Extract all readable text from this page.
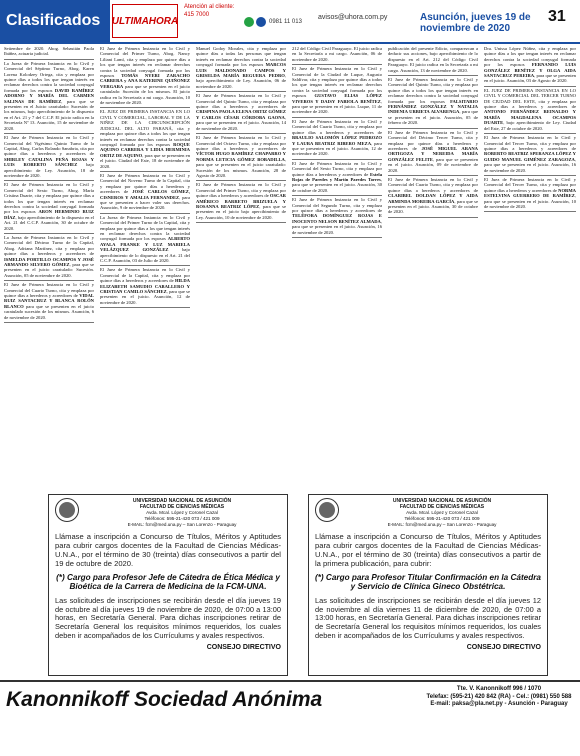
Clasificados	ULTIMAHORA
Atención al cliente: 415 7000
0981 11 013
avisos@uhora.com.py	Asunción, jueves 19 de noviembre de 2020
31
Setiembre de 2020. Abog. Sebastián Paola Ibáñez, actuaria judicial.
La Jueza de Primera Instancia en lo Civil y Comercial del Séptimo Turno, Abog. Karen Lorena Kolodzey Ortega, cita y emplaza por quince días a todos los que tengan interés en reclamar derechos contra la sociedad conyugal formada por los esposos DAVID RAMÍREZ ADORNO Y MARÍA DEL CARMEN SALINAS DE RAMÍREZ, para que se presenten en el Juicio caratulado: Sucesión de los mismos, bajo apercibimiento de lo dispuesto en el Art. 21 y 7 del C.C.P. El juicio radica en la Secretaría Nº 13. Asunción, 15 de noviembre de 2020.
El Juez de Primera Instancia en lo Civil y Comercial del Vigésimo Quinto Turno de la Capital, Abog. Carlos Rolando Sanabria, cita por quince días a herederos y acreedores de SHIRLEY CATALINA PEÑA ROJAS Y LUIS ROBERTO SÁNCHEZ bajo apercibimiento de Ley. Asunción, 18 de noviembre de 2020.
El Juez de Primera Instancia en lo Civil y Comercial del Sexto Turno, Abog. María Cristina Duarte, cita y emplaza por quince días a todos los que tengan interés en reclamar derechos contra la sociedad conyugal formada por los esposos ARON HERMINIO RUIZ DÍAZ, bajo apercibimiento de lo dispuesto en el Art. 21 del C.C.P. Asunción, 30 de octubre de 2020.
La Jueza de Primera Instancia en lo Civil y Comercial del Décimo Turno de la Capital, Abog. Adriana Martínez, cita y emplaza por quince días a herederos y acreedores de ISMELDA PORTILLO OCAMPOS Y JOSÉ ARMANDO SILVERO GÓMEZ, para que se presenten en el juicio caratulado: Sucesión. Asunción, 05 de noviembre de 2020.
El Juez de Primera Instancia en lo Civil y Comercial del Cuarto Turno, cita y emplaza por quince días a herederos y acreedores de VIDAL RUIZ SANTACRUZ Y BLANCA ROLÓN BLANCO para que se presenten en el juicio caratulado sucesión de los mismos. Asunción, 6 de noviembre de 2020.
El Juez de Primera Instancia en lo Civil y Comercial del Primer Turno, Abog. Nancy Liliani Lamí, cita y emplaza por quince días a los que tengan interés en reclamar derechos contra la sociedad conyugal formada por los esposos TOMÁS NYERI ZARACHO CABRERA y ANA KATERINE QUIÑONEZ VERGARA para que se presenten en el juicio caratulado: Sucesión de los mismos. El juicio radica en la Secretaría a mi cargo. Asunción, 10 de noviembre de 2020.
EL JUEZ DE PRIMERA INSTANCIA EN LO CIVIL Y COMERCIAL, LABORAL Y DE LA NIÑEZ DE LA CIRCUNSCRIPCIÓN JUDICIAL DEL ALTO PARANÁ, cita y emplaza por quince días a todos los que tengan interés en reclamar derechos contra la sociedad conyugal formada por los esposos ROQUE AQUINO CABRERA Y LIDIA HERMINIA ORTIZ DE AQUINO, para que se presenten en el juicio. Ciudad del Este, 18 de noviembre de 2020.
El Juez de Primera Instancia en lo Civil y Comercial del Noveno Turno de la Capital, cita y emplaza por quince días a herederos y acreedores de JOSÉ CARLOS GÓMEZ, CISNEROS Y AMALIA FERNANDEZ, para que se presenten a hacer valer sus derechos. Asunción, 9 de noviembre de 2020.
La Jueza de Primera Instancia en lo Civil y Comercial del Primer Turno de la Capital, cita y emplaza por quince días a los que tengan interés en reclamar derechos contra la sociedad conyugal formada por los esposos ALBERTO AYALA FRANKE Y LUZ MARIELA VELÁZQUEZ GONZÁLEZ bajo apercibimiento de lo dispuesto en el Art. 21 del C.C.P. Asunción, 03 de Julio de 2020.
El Juez de Primera Instancia en lo Civil y Comercial de la Capital, cita y emplaza por quince días a herederos y acreedores de HILDA ELIZABETH SAMUDIO CABALLERO Y CRISTIAN CAMILO SÁNCHEZ, para que se presenten en el juicio. Asunción, 12 de noviembre de 2020.
Manuel Godoy Morales, cita y emplaza por quince días a todas las personas que tengan interés en reclamar derechos contra la sociedad conyugal formada por los esposos MARCOS LUIS MALDONADO CAMPOS Y GRISELDA MARÍA REGUERA PEDRO, bajo apercibimiento de Ley. Asunción, 06 de noviembre de 2020.
El Juez de Primera Instancia en lo Civil y Comercial del Quinto Turno, cita y emplaza por quince días a herederos y acreedores de CRISPINA PAOLA ELENA ORTIZ GÓMEZ Y CARLOS CÉSAR CÓRDOBA GAONA, para que se presenten en el juicio. Asunción, 14 de noviembre de 2020.
El Juez de Primera Instancia en lo Civil y Comercial del Octavo Turno, cita y emplaza por quince días a herederos y acreedores de VÍCTOR HUGO RAMÍREZ CHAPARRO Y NORMA LETICIA GÓMEZ BOBADILLA, para que se presenten en el juicio caratulado: Sucesión de los mismos. Asunción, 28 de Agosto de 2020.
El Juez de Primera Instancia en lo Civil y Comercial del Primer Turno, cita y emplaza por quince días a herederos y acreedores de OSCAR AMÉRICO BARRETO BRIZUELA Y ROSANNA BEATRIZ LÓPEZ, para que se presenten en el juicio bajo apercibimiento de Ley. Asunción, 10 de noviembre de 2020.
212 del Código Civil Paraguayo. El juicio radica en la Secretaría a mi cargo. Asunción, 06 de noviembre de 2020.
El Juez de Primera Instancia en lo Civil y Comercial de la Ciudad de Luque, Augusto Saldívar, cita y emplaza por quince días a todos los que tengan interés en reclamar derechos contra la sociedad conyugal formada por los esposos GUSTAVO ELIAS LÓPEZ VIVEROS Y DAISY FABIOLA BENÍTEZ, para que se presenten en el juicio. Luque, 11 de noviembre de 2020.
El Juez de Primera Instancia en lo Civil y Comercial del Cuarto Turno, cita y emplaza por quince días a herederos y acreedores de BRAULIO SALOMÓN LÓPEZ PEDROZO Y LAURA BEATRIZ RIBERO MEZA, para que se presenten en el juicio. Asunción, 12 de noviembre de 2020.
El Juez de Primera Instancia en lo Civil y Comercial del Sexto Turno, cita y emplaza por quince días a herederos y acreedores de Estela Rojas de Paredes y Martín Paredes Torres, para que se presenten en el juicio. Asunción, 30 de octubre de 2020.
El Juez de Primera Instancia en lo Civil y Comercial del Segundo Turno, cita y emplaza por quince días a herederos y acreedores de TELÉFORA DOMÍNGUEZ ROJAS E INOCENTO NELSON BENÍTEZ ALMADA, para que se presenten en el juicio. Asunción, 16 de noviembre de 2020.
publicación del presente Edicto, comparezcan a deducir sus acciones, bajo apercibimiento de lo dispuesto en el Art. 212 del Código Civil Paraguayo. El juicio radica en la Secretaría a mi cargo. Asunción, 13 de noviembre de 2020.
El Juez de Primera Instancia en lo Civil y Comercial del Quinto Turno, cita y emplaza por quince días a todos los que tengan interés en reclamar derechos contra la sociedad conyugal formada por los esposos FALSITARIO FERNÁNDEZ GONZÁLEZ Y NATALIA INDENIA URBIETA ALVARENGA, para que se presenten en el juicio. Asunción, 05 de febrero de 2020.
El Juez de Primera Instancia en lo Civil y Comercial del Décimo Tercer Turno, cita y emplaza por quince días a herederos y acreedores de JOSÉ MIGUEL ARANA ORTIGOZA Y NEREIDA MARÍA GONZÁLEZ FELITE, para que se presenten en el juicio. Asunción, 09 de noviembre de 2020.
El Juez de Primera Instancia en lo Civil y Comercial del Cuarto Turno, cita y emplaza por quince días a herederos y acreedores de CLARIBEL DOLDAN LÓPEZ Y AIDA ARMINDA MOREIRA GARCÍA, para que se presenten en el juicio. Asunción, 30 de octubre de 2020.
Dra. Unissa López Núñez, cita y emplaza por quince días a los que tengan interés en reclamar derechos contra la sociedad conyugal formada por los esposos FERNANDO LUIS GONZÁLEZ BENÍTEZ Y OLGA AIDA SANTACRUZ PEREIRA, para que se presenten en el juicio. Asunción, 03 de Agosto de 2020.
EL JUEZ DE PRIMERA INSTANCIA EN LO CIVIL Y COMERCIAL DEL TERCER TURNO DE CIUDAD DEL ESTE, cita y emplaza por quince días a herederos y acreedores de ANTONIO FERNÁNDEZ REINALDO Y MARÍA MAGDALENA OCAMPOS DUARTE, bajo apercibimiento de Ley. Ciudad del Este, 27 de octubre de 2020.
El Juez de Primera Instancia en lo Civil y Comercial del Tercer Turno, cita y emplaza por quince días a herederos y acreedores de ROBERTO BEATRIZ SPERANZA LÓPEZ Y GUIDO MANUEL GIMÉNEZ ZARAGOZA, para que se presenten en el juicio. Asunción, 16 de noviembre de 2020.
El Juez de Primera Instancia en lo Civil y Comercial del Tercer Turno, cita y emplaza por quince días a herederos y acreedores de NORMA ESTELVINA GUERRERO DE RAMÍREZ, para que se presenten en el juicio. Asunción, 10 de noviembre de 2020.
UNIVERSIDAD NACIONAL DE ASUNCIÓN
FACULTAD DE CIENCIAS MÉDICAS
Avda. Mcal. López y Coronel Cazal
Teléfonos: 595-21-420 073 / 421 009
E-MAIL: fcm@med.una.py – San Lorenzo - Paraguay
Llámase a inscripción a Concurso de Títulos, Méritos y Aptitudes para cubrir cargos docentes de la Facultad de Ciencias Médicas-U.N.A., por el término de 30 (treinta) días consecutivos a partir del 19 de octubre de 2020.
(*) Cargo para Profesor Jefe de Cátedra de Ética Médica y Bioética de la Carrera de Medicina de la FCM-UNA.
Las solicitudes de inscripciones se recibirán desde el día jueves 19 de octubre al día jueves 19 de noviembre de 2020, de 07:00 a 13:00 horas, en Secretaría General. Para dichas inscripciones retirar de Secretaría General los requisitos mínimos requeridos, los cuales deben ir acompañados de los Currículums y avales respectivos.
CONSEJO DIRECTIVO
UNIVERSIDAD NACIONAL DE ASUNCIÓN
FACULTAD DE CIENCIAS MÉDICAS
Avda. Mcal. López y Coronel Cazal
Teléfonos: 595-21-420 073 / 421 009
E-MAIL: fcm@med.una.py – San Lorenzo - Paraguay
Llámase a inscripción a Concurso de Títulos, Méritos y Aptitudes para cubrir cargos docentes de la Facultad de Ciencias Médicas-U.N.A., por el término de 30 (treinta) días consecutivos a partir de la primera publicación, para cubrir:
(*) Cargo para Profesor Titular Confirmación en la Cátedra y Servicio de Clínica Gineco Obstétrica.
Las solicitudes de inscripciones se recibirán desde el día jueves 12 de noviembre al día viernes 11 de diciembre de 2020, de 07:00 a 13:00 horas, en Secretaría General. Para dichas inscripciones retirar de Secretaría General los requisitos mínimos requeridos, los cuales deben ir acompañados de los Currículums y avales respectivos.
CONSEJO DIRECTIVO
Kanonnikoff Sociedad Anónima	Tte. V. Kanonnikoff 996 / 1070
Telefax: (595-21) 420 842 (RA) - Cel.: (0981) 550 588
E-mail: paksa@pla.net.py - Asunción - Paraguay
